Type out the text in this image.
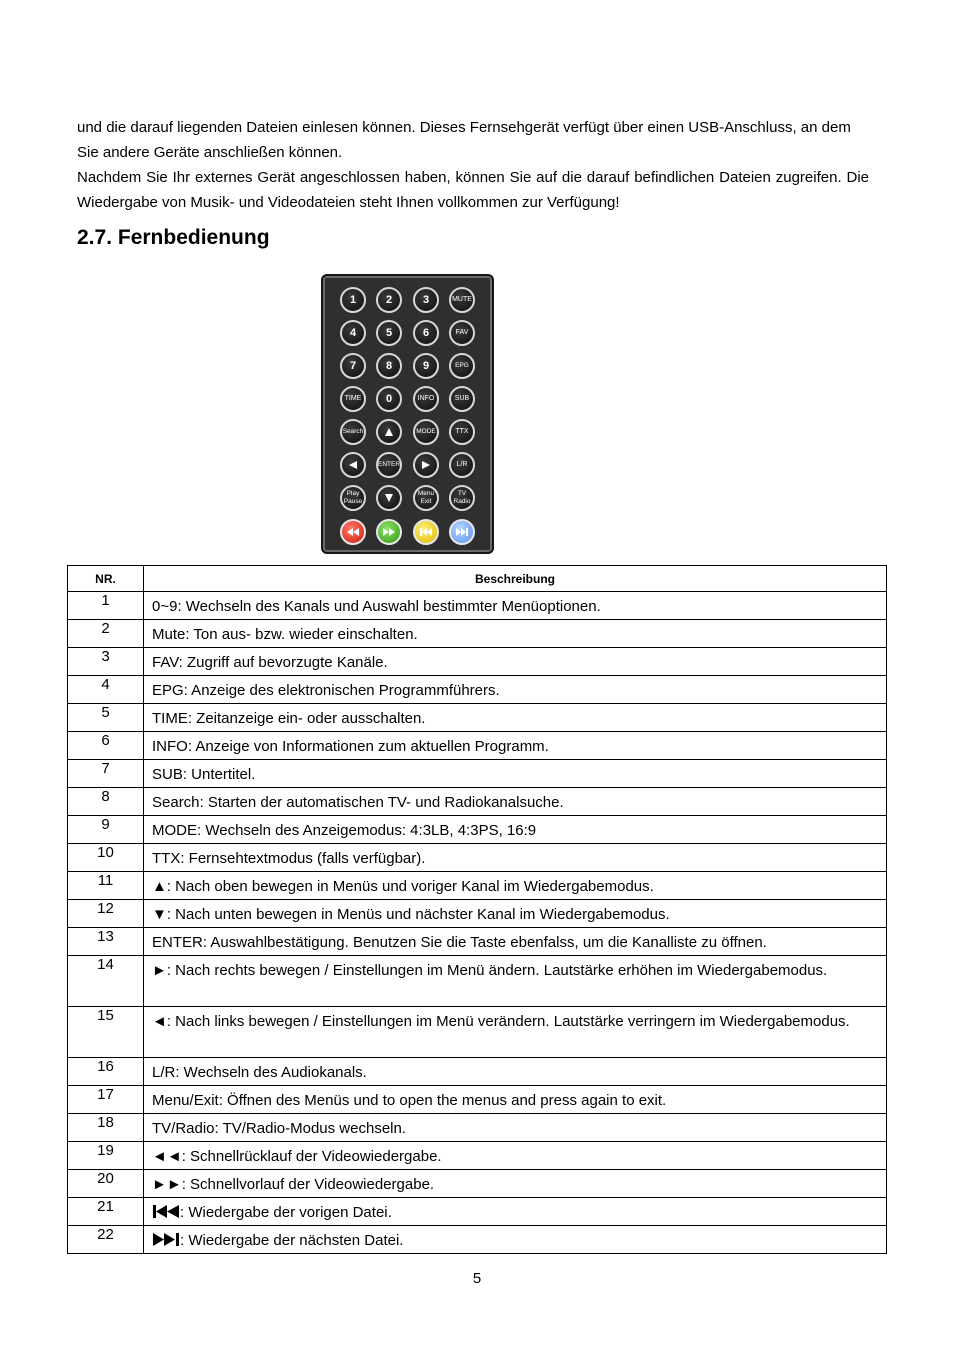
und die darauf liegenden Dateien einlesen können. Dieses Fernsehgerät verfügt über einen USB-Anschluss, an dem Sie andere Geräte anschließen können.

Nachdem Sie Ihr externes Gerät angeschlossen haben, können Sie auf die darauf befindlichen Dateien zugreifen. Die Wiedergabe von Musik- und Videodateien steht Ihnen vollkommen zur Verfügung!

2.7. Fernbedienung
1	2	3	MUTE
4	5	6	FAV
7	8	9	EPG
TIME	0	INFO	SUB
Search	MODE	TTX
ENTER	L/R
Play
Pause
Menu
Exit
TV
Radio
NR.	Beschreibung
1	0~9: Wechseln des Kanals und Auswahl bestimmter Menüoptionen.
2	Mute: Ton aus- bzw. wieder einschalten.
3	FAV: Zugriff auf bevorzugte Kanäle.
4	EPG: Anzeige des elektronischen Programmführers.
5	TIME: Zeitanzeige ein- oder ausschalten.
6	INFO: Anzeige von Informationen zum aktuellen Programm.
7	SUB: Untertitel.
8	Search: Starten der automatischen TV- und Radiokanalsuche.
9	MODE: Wechseln des Anzeigemodus: 4:3LB, 4:3PS, 16:9
10	TTX: Fernsehtextmodus (falls verfügbar).
11	▲: Nach oben bewegen in Menüs und voriger Kanal im Wiedergabemodus.
12	▼: Nach unten bewegen in Menüs und nächster Kanal im Wiedergabemodus.
13	ENTER: Auswahlbestätigung. Benutzen Sie die Taste ebenfalss, um die Kanalliste zu öffnen.
14	►: Nach rechts bewegen / Einstellungen im Menü ändern. Lautstärke erhöhen im Wiedergabemodus.
15	◄: Nach links bewegen / Einstellungen im Menü verändern. Lautstärke verringern im Wiedergabemodus.
16	L/R: Wechseln des Audiokanals.
17	Menu/Exit: Öffnen des Menüs und to open the menus and press again to exit.
18	TV/Radio: TV/Radio-Modus wechseln.
19	◄◄: Schnellrücklauf der Videowiedergabe.
20	►►: Schnellvorlauf der Videowiedergabe.
21	: Wiedergabe der vorigen Datei.
22	: Wiedergabe der nächsten Datei.
5
